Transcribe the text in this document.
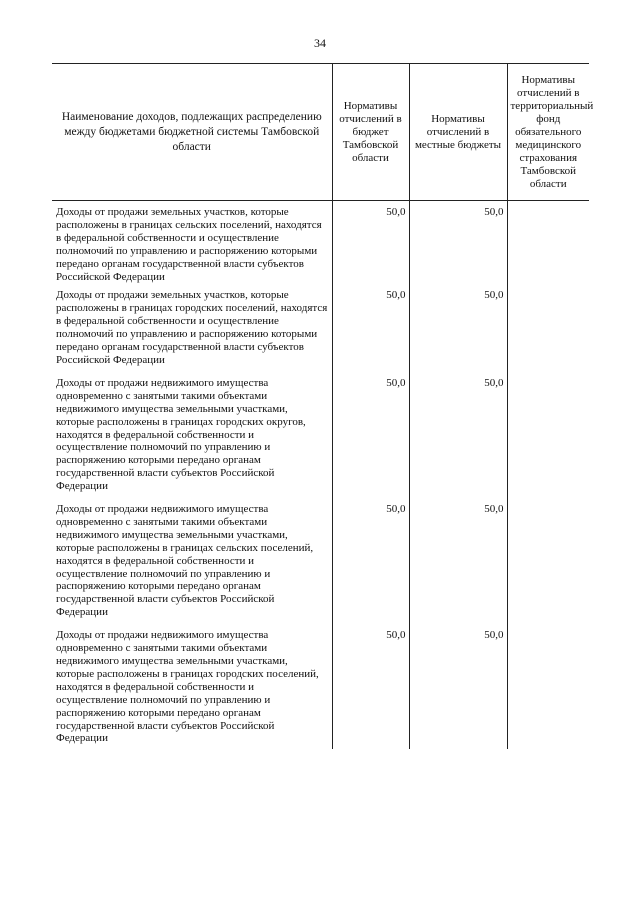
34
Наименование доходов, подлежащих распределению между бюджетами бюджетной системы Тамбовской области	Нормативы отчислений в бюджет Тамбовской области	Нормативы отчислений в местные бюджеты	Нормативы отчислений в территориальный фонд обязательного медицинского страхования Тамбовской области
Доходы от продажи земельных участков, которые расположены в границах сельских поселений, находятся в федеральной собственности и осуществление полномочий по управлению и распоряжению которыми передано органам государственной власти субъектов Российской Федерации	50,0	50,0	
Доходы от продажи земельных участков, которые расположены в границах городских поселений, находятся в федеральной собственности и осуществление полномочий по управлению и распоряжению которыми передано органам государственной власти субъектов Российской Федерации	50,0	50,0	
Доходы от продажи недвижимого имущества одновременно с занятыми такими объектами недвижимого имущества земельными участками, которые расположены в границах городских округов, находятся в федеральной собственности и осуществление полномочий по управлению и распоряжению которыми передано органам государственной власти субъектов Российской Федерации	50,0	50,0	
Доходы от продажи недвижимого имущества одновременно с занятыми такими объектами недвижимого имущества земельными участками, которые расположены в границах сельских поселений, находятся в федеральной собственности и осуществление полномочий по управлению и распоряжению которыми передано органам государственной власти субъектов Российской Федерации	50,0	50,0	
Доходы от продажи недвижимого имущества одновременно с занятыми такими объектами недвижимого имущества земельными участками, которые расположены в границах городских поселений, находятся в федеральной собственности и осуществление полномочий по управлению и распоряжению которыми передано органам государственной власти субъектов Российской Федерации	50,0	50,0	
